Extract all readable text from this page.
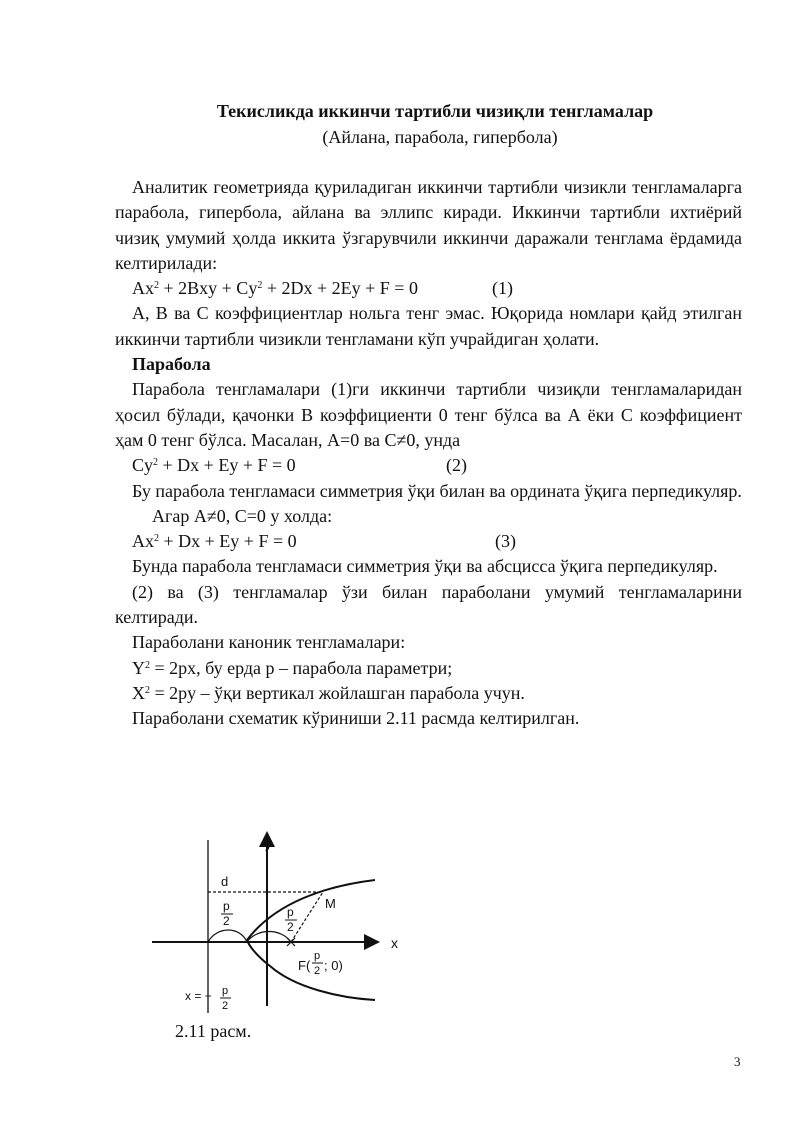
Текисликда иккинчи тартибли чизиқли тенгламалар
(Айлана, парабола, гипербола)

Аналитик геометрияда қуриладиган иккинчи тартибли чизикли тенгламаларга парабола, гипербола, айлана ва эллипс киради. Иккинчи тартибли ихтиёрий чизиқ умумий ҳолда иккита ўзгарувчили иккинчи даражали тенглама ёрдамида келтирилади:

$Ax^2 + 2Bxy + Cy^2 + 2Dx + 2Ey + F = 0$	(1)

А, В ва С коэффициентлар нольга тенг эмас. Юқорида номлари қайд этилган иккинчи тартибли чизикли тенгламани кўп учрайдиган ҳолати.

Парабола

Парабола тенгламалари (1)ги иккинчи тартибли чизиқли тенгламаларидан ҳосил бўлади, қачонки В коэффициенти 0 тенг бўлса ва А ёки С коэффициент ҳам 0 тенг бўлса. Масалан, А=0 ва С≠0, унда

$Cy^2 + Dx + Ey + F = 0$	(2)

Бу парабола тенгламаси симметрия ўқи билан ва ордината ўқига перпедикуляр.

Агар А≠0, С=0 у холда:

$Ax^2 + Dx + Ey + F = 0$	(3)

Бунда парабола тенгламаси симметрия ўқи ва абсцисса ўқига перпедикуляр.

(2) ва (3) тенгламалар ўзи билан параболани умумий тенгламаларини келтиради.

Параболани каноник тенгламалари:

$Y^2 = 2px$, бу ерда р – парабола параметри;
$X^2 = 2py$ – ўқи вертикал жойлашган парабола учун.

Параболани схематик кўриниши 2.11 расмда келтирилган.

y
x
d
M
p
2
p
2
F(
p
2 ; 0)
x = − p
2
2.11 расм.
3
